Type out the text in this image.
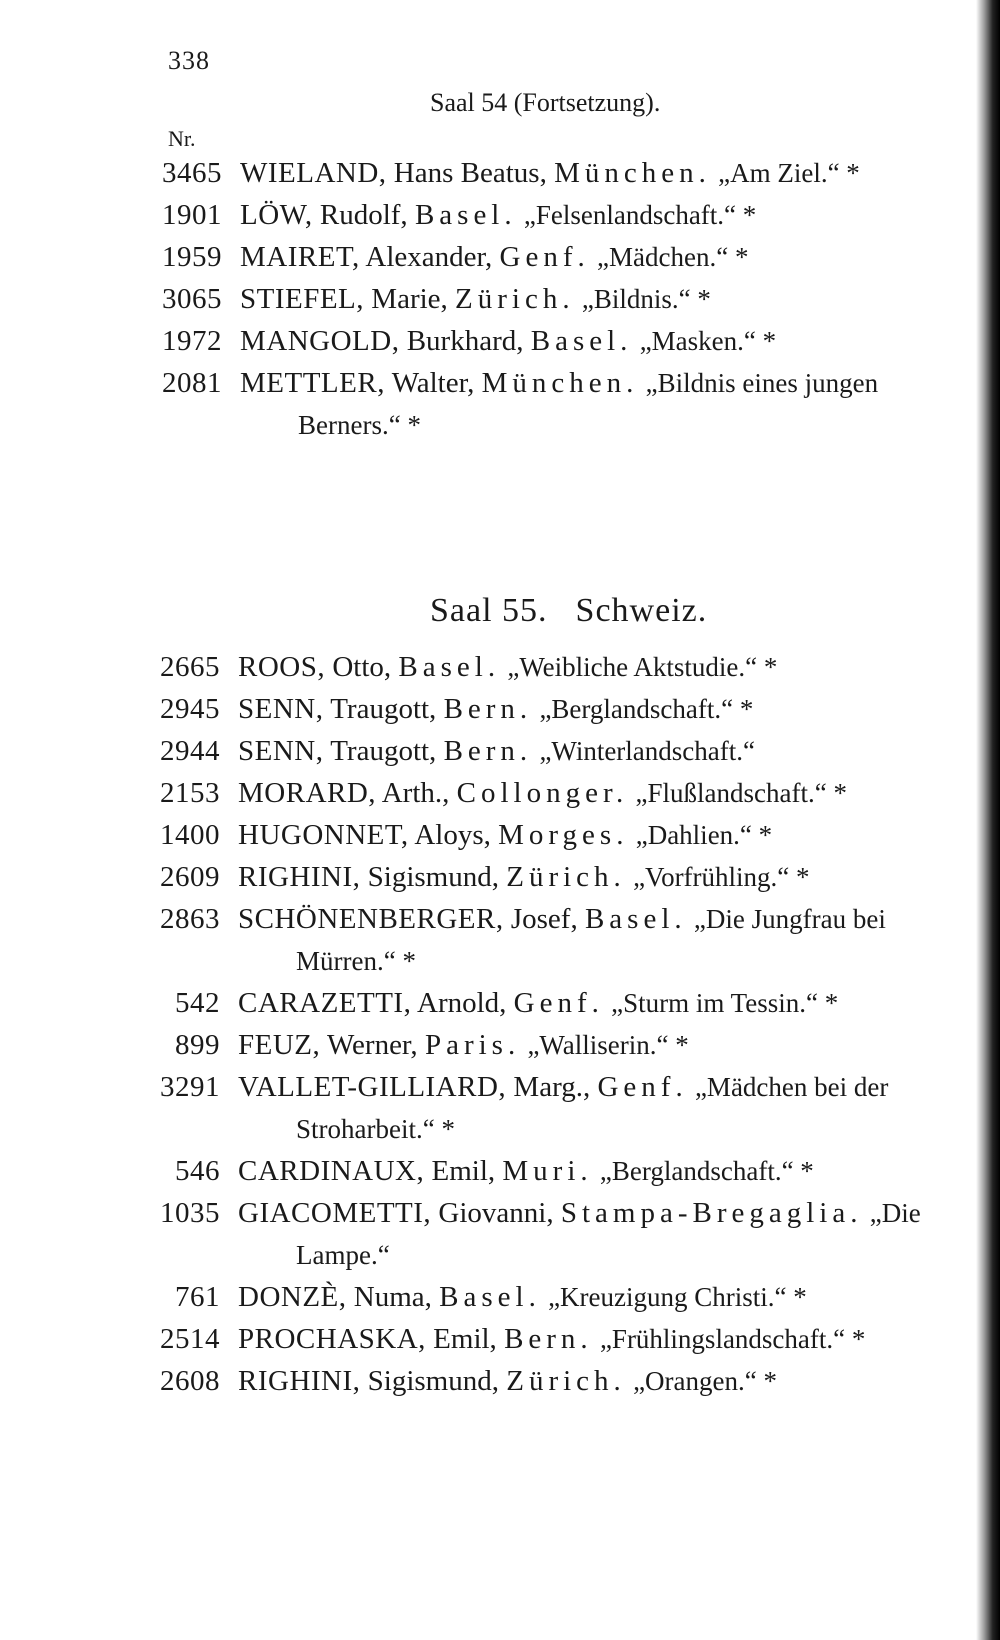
338
Saal 54 (Fortsetzung).
Nr.
3465 WIELAND, Hans Beatus, München. „Am Ziel.“ *
1901 LÖW, Rudolf, Basel. „Felsenlandschaft.“ *
1959 MAIRET, Alexander, Genf. „Mädchen.“ *
3065 STIEFEL, Marie, Zürich. „Bildnis.“ *
1972 MANGOLD, Burkhard, Basel. „Masken.“ *
2081 METTLER, Walter, München. „Bildnis eines jungen Berners.“ *
Saal 55. Schweiz.
2665 ROOS, Otto, Basel. „Weibliche Aktstudie.“ *
2945 SENN, Traugott, Bern. „Berglandschaft.“ *
2944 SENN, Traugott, Bern. „Winterlandschaft.“
2153 MORARD, Arth., Collonger. „Flußlandschaft.“ *
1400 HUGONNET, Aloys, Morges. „Dahlien.“ *
2609 RIGHINI, Sigismund, Zürich. „Vorfrühling.“ *
2863 SCHÖNENBERGER, Josef, Basel. „Die Jungfrau bei Mürren.“ *
542 CARAZETTI, Arnold, Genf. „Sturm im Tessin.“ *
899 FEUZ, Werner, Paris. „Walliserin.“ *
3291 VALLET-GILLIARD, Marg., Genf. „Mädchen bei der Stroharbeit.“ *
546 CARDINAUX, Emil, Muri. „Berglandschaft.“ *
1035 GIACOMETTI, Giovanni, Stampa-Bregaglia. „Die Lampe.“
761 DONZÈ, Numa, Basel. „Kreuzigung Christi.“ *
2514 PROCHASKA, Emil, Bern. „Frühlingslandschaft.“ *
2608 RIGHINI, Sigismund, Zürich. „Orangen.“ *
